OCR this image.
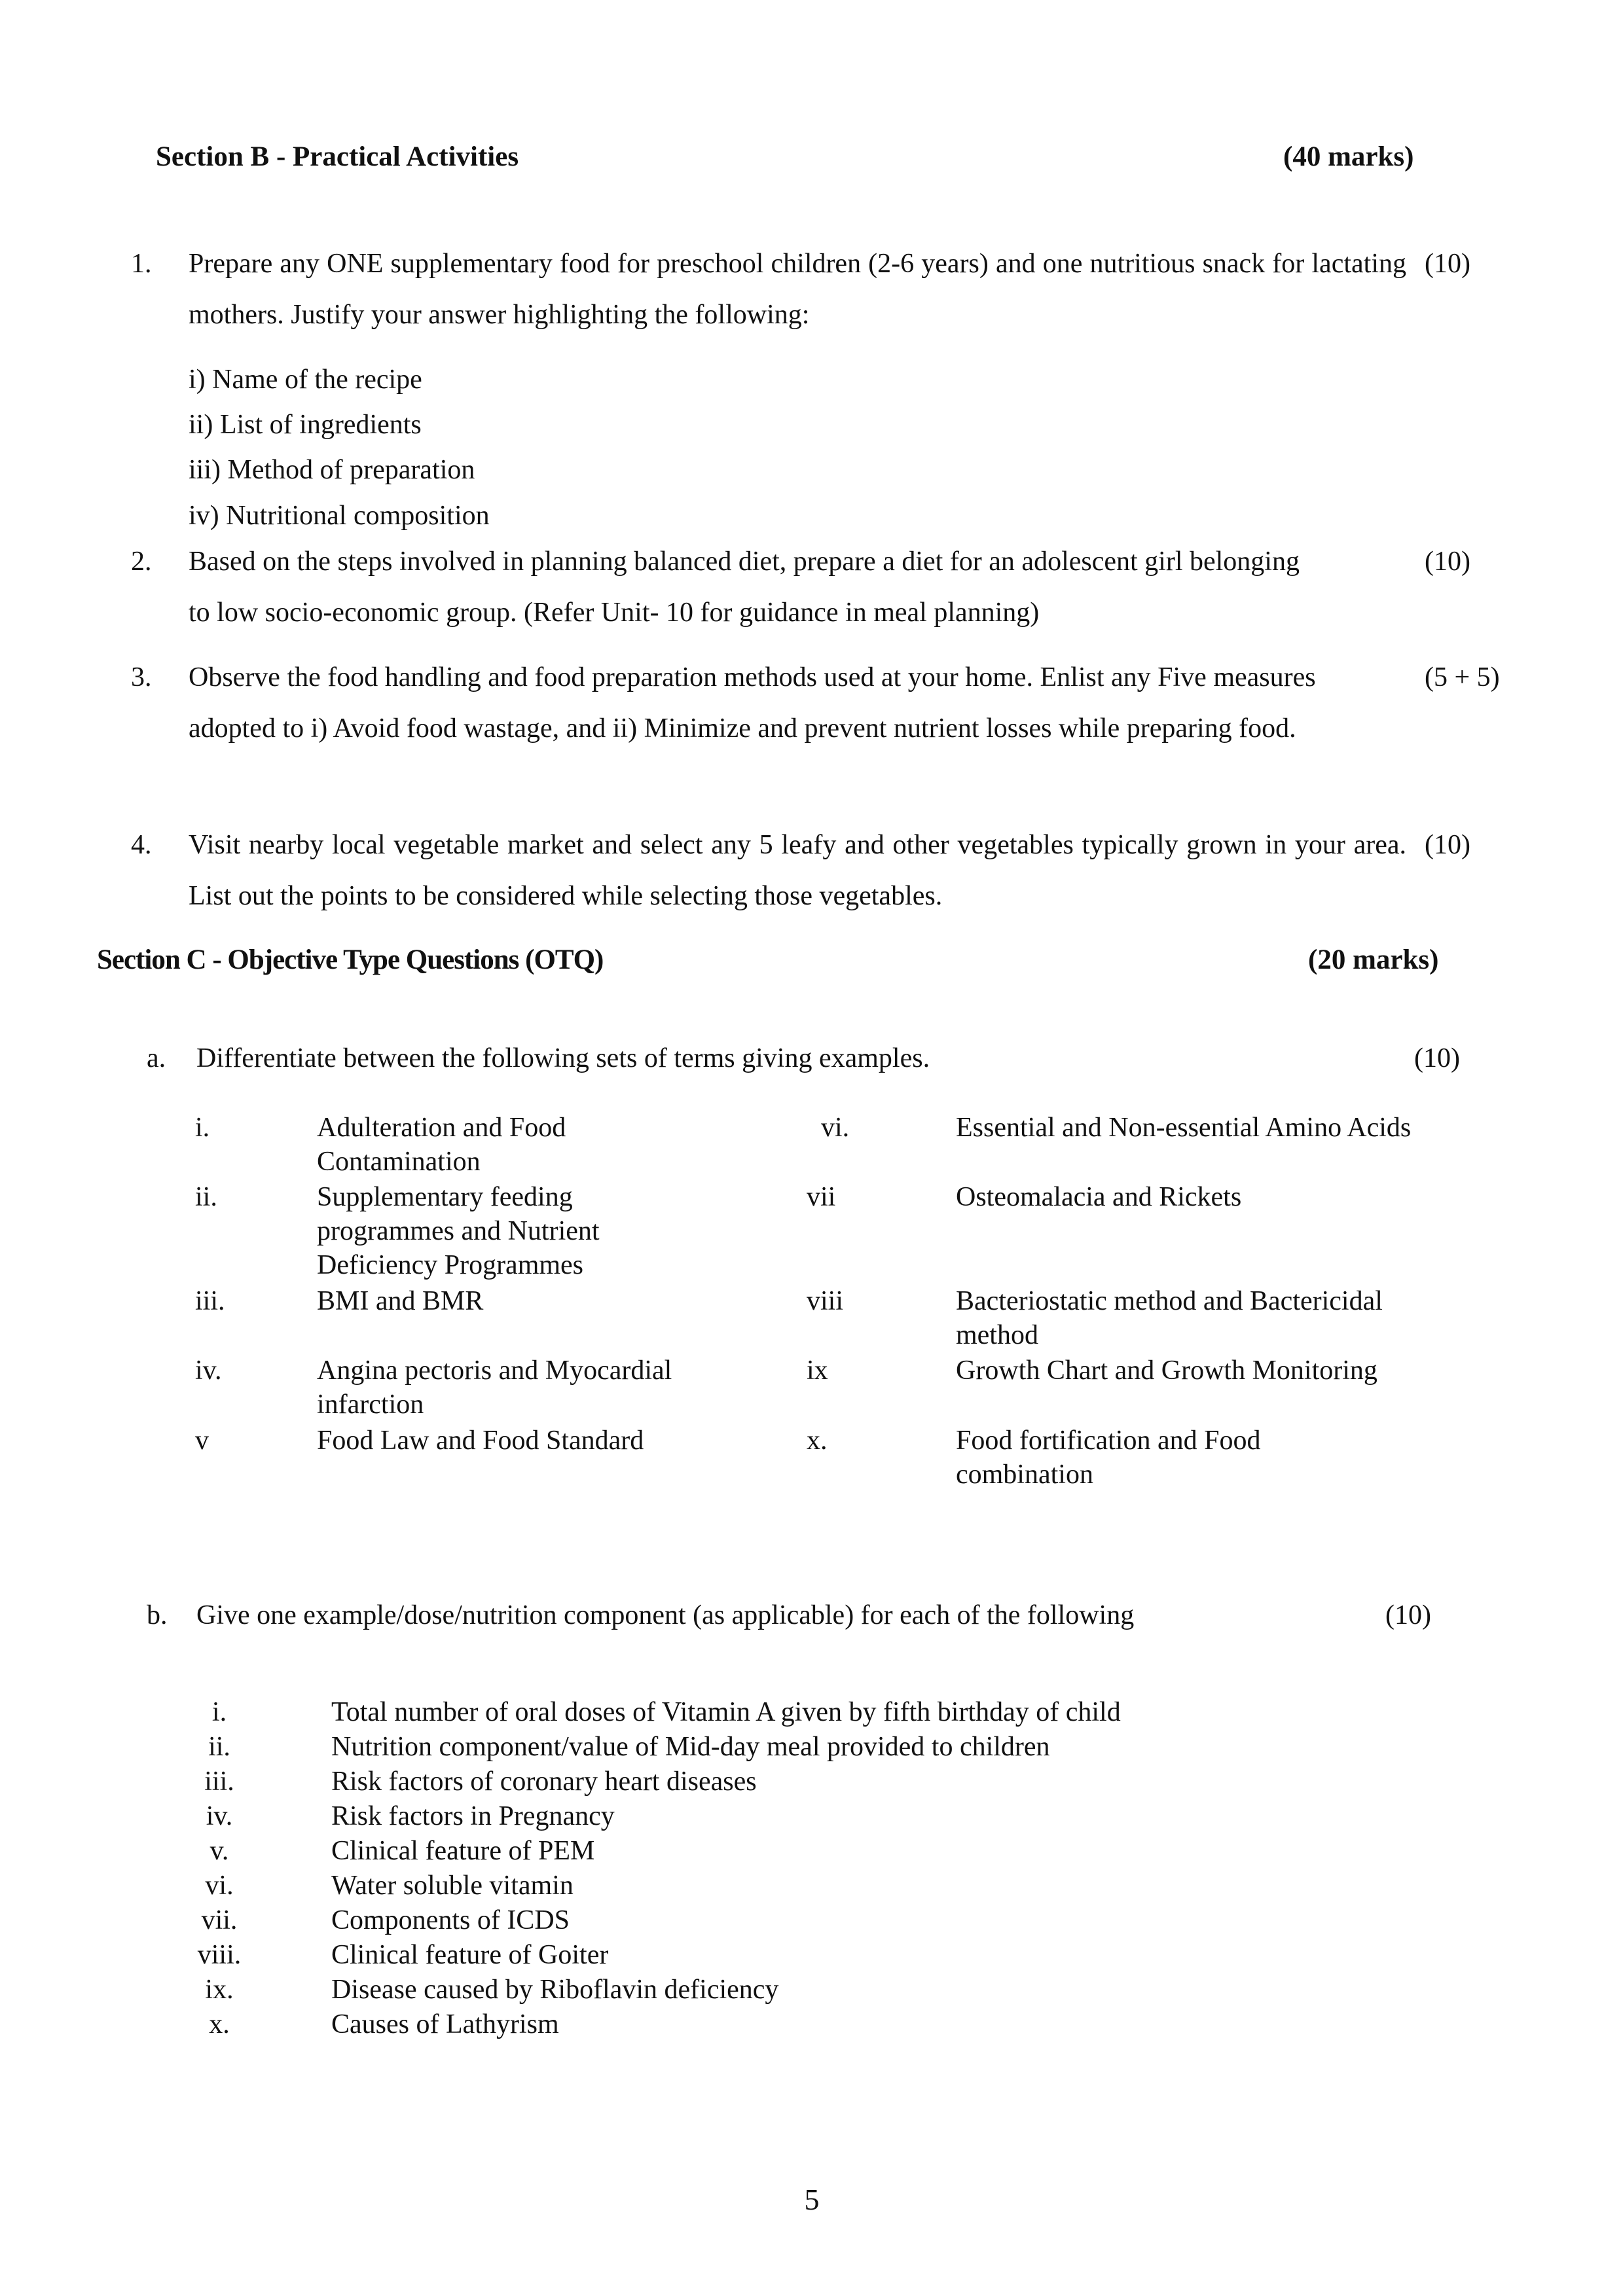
Section B - Practical Activities	(40 marks)
1. Prepare any ONE supplementary food for preschool children (2-6 years) and one nutritious snack for lactating mothers. Justify your answer highlighting the following:
(10)
i) Name of the recipe
ii) List of ingredients
iii) Method of preparation
iv) Nutritional composition
2. Based on the steps involved in planning balanced diet, prepare a diet for an adolescent girl belonging to low socio-economic group. (Refer Unit- 10 for guidance in meal planning)
(10)
3. Observe the food handling and food preparation methods used at your home. Enlist any Five measures adopted to i) Avoid food wastage, and ii) Minimize and prevent nutrient losses while preparing food.
(5 + 5)
4. Visit nearby local vegetable market and select any 5 leafy and other vegetables typically grown in your area. List out the points to be considered while selecting those vegetables.
(10)
Section C - Objective Type Questions (OTQ)	(20 marks)
a. Differentiate between the following sets of terms giving examples.	(10)
i.	Adulteration and Food Contamination
ii.	Supplementary feeding programmes and Nutrient Deficiency Programmes
iii.	BMI and BMR
iv.	Angina pectoris and Myocardial infarction
v	Food Law and Food Standard
vi.	Essential and Non-essential Amino Acids
vii	Osteomalacia and Rickets
viii	Bacteriostatic method and Bactericidal method
ix	Growth Chart and Growth Monitoring
x.	Food fortification and Food combination
b. Give one example/dose/nutrition component (as applicable) for each of the following	(10)
i.	Total number of oral doses of Vitamin A given by fifth birthday of child
ii.	Nutrition component/value of Mid-day meal provided to children
iii.	Risk factors of coronary heart diseases
iv.	Risk factors in Pregnancy
v.	Clinical feature of PEM
vi.	Water soluble vitamin
vii.	Components of ICDS
viii.	Clinical feature of Goiter
ix.	Disease caused by Riboflavin deficiency
x.	Causes of Lathyrism
5
